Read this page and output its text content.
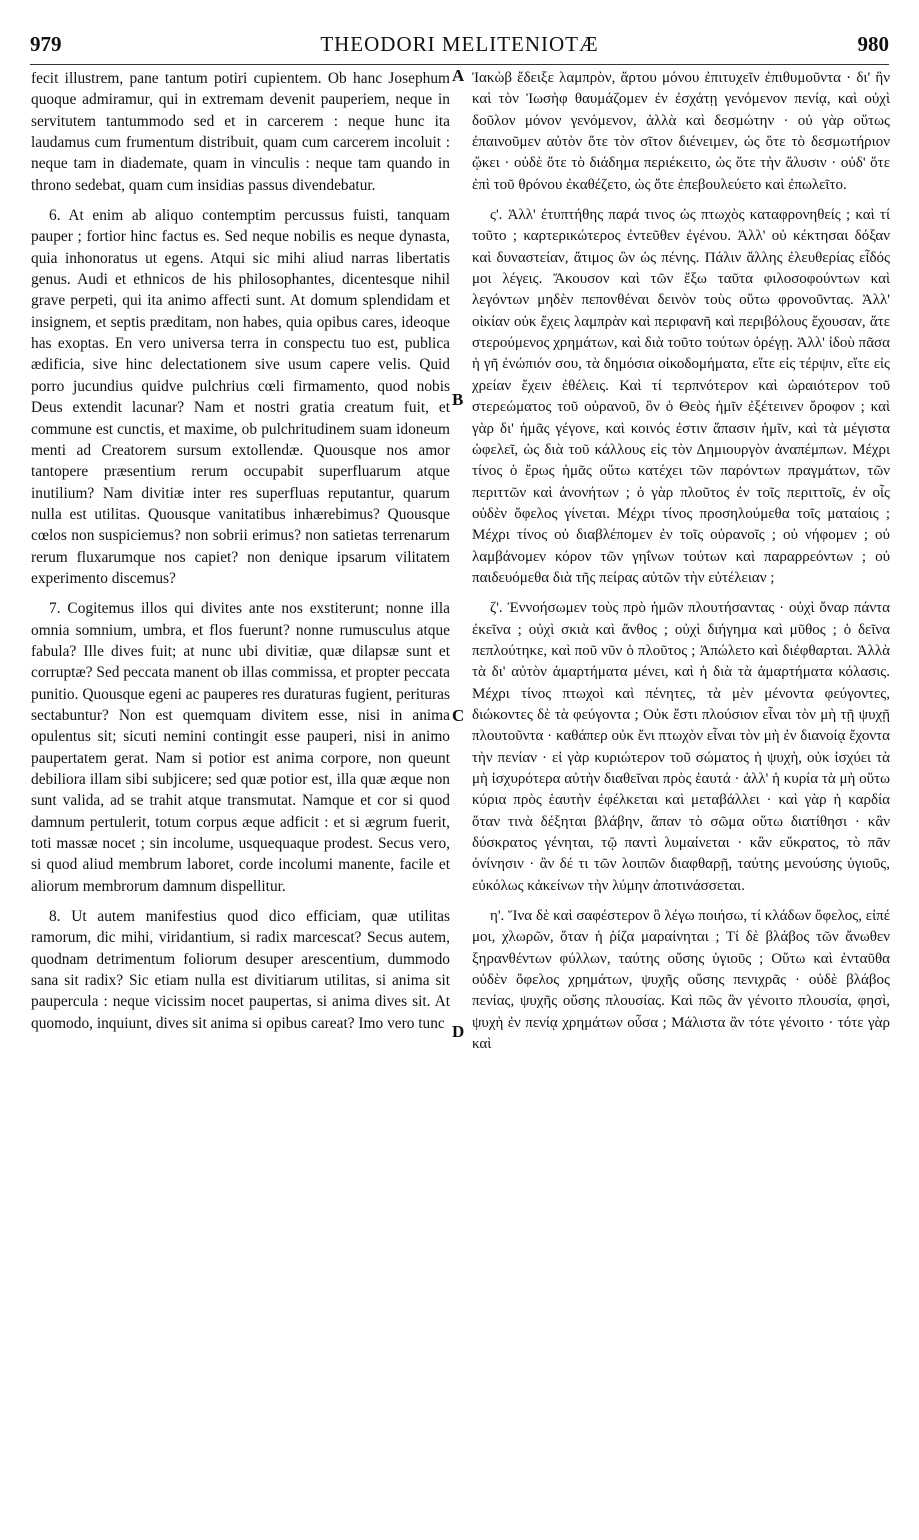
979	THEODORI MELITENIOTÆ	980

fecit illustrem, pane tantum potiri cupientem. Ob hanc Josephum quoque admiramur, qui in extremam devenit pauperiem, neque in servitutem tantummodo sed et in carcerem : neque hunc ita laudamus cum frumentum distribuit, quam cum carcerem incoluit : neque tam in diademate, quam in vinculis : neque tam quando in throno sedebat, quam cum insidias passus divendebatur.

6. At enim ab aliquo contemptim percussus fuisti, tanquam pauper ; fortior hinc factus es. Sed neque nobilis es neque dynasta, quia inhonoratus ut egens. Atqui sic mihi aliud narras libertatis genus. Audi et ethnicos de his philosophantes, dicentesque nihil grave perpeti, qui ita animo affecti sunt. At domum splendidam et insignem, et septis præditam, non habes, quia opibus cares, ideoque has exoptas. En vero universa terra in conspectu tuo est, publica ædificia, sive hinc delectationem sive usum capere velis. Quid porro jucundius quidve pulchrius cœli firmamento, quod nobis Deus extendit lacunar? Nam et nostri gratia creatum fuit, et commune est cunctis, et maxime, ob pulchritudinem suam idoneum menti ad Creatorem sursum extollendæ. Quousque nos amor tantopere præsentium rerum occupabit superfluarum atque inutilium? Nam divitiæ inter res superfluas reputantur, quarum nulla est utilitas. Quousque vanitatibus inhærebimus? Quousque cœlos non suspiciemus? non sobrii erimus? non satietas terrenarum rerum fluxarumque nos capiet? non denique ipsarum vilitatem experimento discemus?

7. Cogitemus illos qui divites ante nos exstiterunt; nonne illa omnia somnium, umbra, et flos fuerunt? nonne rumusculus atque fabula? Ille dives fuit; at nunc ubi divitiæ, quæ dilapsæ sunt et corruptæ? Sed peccata manent ob illas commissa, et propter peccata punitio. Quousque egeni ac pauperes res duraturas fugient, perituras sectabuntur? Non est quemquam divitem esse, nisi in anima opulentus sit; sicuti nemini contingit esse pauperi, nisi in animo paupertatem gerat. Nam si potior est anima corpore, non queunt debiliora illam sibi subjicere; sed quæ potior est, illa quæ æque non sunt valida, ad se trahit atque transmutat. Namque et cor si quod damnum pertulerit, totum corpus æque adficit : et si ægrum fuerit, toti massæ nocet ; sin incolume, usquequaque prodest. Secus vero, si quod aliud membrum laboret, corde incolumi manente, facile et aliorum membrorum damnum dispellitur.

8. Ut autem manifestius quod dico efficiam, quæ utilitas ramorum, dic mihi, viridantium, si radix marcescat? Secus autem, quodnam detrimentum foliorum desuper arescentium, dummodo sana sit radix? Sic etiam nulla est divitiarum utilitas, si anima sit paupercula : neque vicissim nocet paupertas, si anima dives sit. At quomodo, inquiunt, dives sit anima si opibus careat? Imo vero tunc

Ἰακὼβ ἔδειξε λαμπρὸν, ἄρτου μόνου ἐπιτυχεῖν ἐπιθυμοῦντα · δι' ἣν καὶ τὸν Ἰωσὴφ θαυμάζομεν ἐν ἐσχάτῃ γενόμενον πενίᾳ, καὶ οὐχὶ δοῦλον μόνον γενόμενον, ἀλλὰ καὶ δεσμώτην · οὐ γὰρ οὕτως ἐπαινοῦμεν αὐτὸν ὅτε τὸν σῖτον διένειμεν, ὡς ὅτε τὸ δεσμωτήριον ᾤκει · οὐδὲ ὅτε τὸ διάδημα περιέκειτο, ὡς ὅτε τὴν ἅλυσιν · οὐδ' ὅτε ἐπὶ τοῦ θρόνου ἐκαθέζετο, ὡς ὅτε ἐπεβουλεύετο καὶ ἐπωλεῖτο.

ς'. Ἀλλ' ἐτυπτήθης παρά τινος ὡς πτωχὸς καταφρονηθείς ; καὶ τί τοῦτο ; καρτερικώτερος ἐντεῦθεν ἐγένου. Ἀλλ' οὐ κέκτησαι δόξαν καὶ δυναστείαν, ἄτιμος ὢν ὡς πένης. Πάλιν ἄλλης ἐλευθερίας εἶδός μοι λέγεις. Ἄκουσον καὶ τῶν ἔξω ταῦτα φιλοσοφούντων καὶ λεγόντων μηδὲν πεπονθέναι δεινὸν τοὺς οὕτω φρονοῦντας. Ἀλλ' οἰκίαν οὐκ ἔχεις λαμπρὰν καὶ περιφανῆ καὶ περιβόλους ἔχουσαν, ἅτε στερούμενος χρημάτων, καὶ διὰ τοῦτο τούτων ὀρέγῃ. Ἀλλ' ἰδοὺ πᾶσα ἡ γῆ ἐνώπιόν σου, τὰ δημόσια οἰκοδομήματα, εἴτε εἰς τέρψιν, εἴτε εἰς χρείαν ἔχειν ἐθέλεις. Καὶ τί τερπνότερον καὶ ὡραιότερον τοῦ στερεώματος τοῦ οὐρανοῦ, ὃν ὁ Θεὸς ἡμῖν ἐξέτεινεν ὄροφον ; καὶ γὰρ δι' ἡμᾶς γέγονε, καὶ κοινός ἐστιν ἅπασιν ἡμῖν, καὶ τὰ μέγιστα ὠφελεῖ, ὡς διὰ τοῦ κάλλους εἰς τὸν Δημιουργὸν ἀναπέμπων. Μέχρι τίνος ὁ ἔρως ἡμᾶς οὕτω κατέχει τῶν παρόντων πραγμάτων, τῶν περιττῶν καὶ ἀνονήτων ; ὁ γὰρ πλοῦτος ἐν τοῖς περιττοῖς, ἐν οἷς οὐδὲν ὄφελος γίνεται. Μέχρι τίνος προσηλούμεθα τοῖς ματαίοις ; Μέχρι τίνος οὐ διαβλέπομεν ἐν τοῖς οὐρανοῖς ; οὐ νήφομεν ; οὐ λαμβάνομεν κόρον τῶν γηΐνων τούτων καὶ παραρρεόντων ; οὐ παιδευόμεθα διὰ τῆς πείρας αὐτῶν τὴν εὐτέλειαν ;

ζ'. Ἐννοήσωμεν τοὺς πρὸ ἡμῶν πλουτήσαντας · οὐχὶ ὄναρ πάντα ἐκεῖνα ; οὐχὶ σκιὰ καὶ ἄνθος ; οὐχὶ διήγημα καὶ μῦθος ; ὁ δεῖνα πεπλούτηκε, καὶ ποῦ νῦν ὁ πλοῦτος ; Ἀπώλετο καὶ διέφθαρται. Ἀλλὰ τὰ δι' αὐτὸν ἁμαρτήματα μένει, καὶ ἡ διὰ τὰ ἁμαρτήματα κόλασις. Μέχρι τίνος πτωχοὶ καὶ πένητες, τὰ μὲν μένοντα φεύγοντες, διώκοντες δὲ τὰ φεύγοντα ; Οὐκ ἔστι πλούσιον εἶναι τὸν μὴ τῇ ψυχῇ πλουτοῦντα · καθάπερ οὐκ ἔνι πτωχὸν εἶναι τὸν μὴ ἐν διανοίᾳ ἔχοντα τὴν πενίαν · εἰ γὰρ κυριώτερον τοῦ σώματος ἡ ψυχὴ, οὐκ ἰσχύει τὰ μὴ ἰσχυρότερα αὐτὴν διαθεῖναι πρὸς ἑαυτά · ἀλλ' ἡ κυρία τὰ μὴ οὕτω κύρια πρὸς ἑαυτὴν ἐφέλκεται καὶ μεταβάλλει · καὶ γὰρ ἡ καρδία ὅταν τινὰ δέξηται βλάβην, ἅπαν τὸ σῶμα οὕτω διατίθησι · κἂν δύσκρατος γένηται, τῷ παντὶ λυμαίνεται · κἂν εὔκρατος, τὸ πᾶν ὀνίνησιν · ἂν δέ τι τῶν λοιπῶν διαφθαρῇ, ταύτης μενούσης ὑγιοῦς, εὐκόλως κἀκείνων τὴν λύμην ἀποτινάσσεται.

η'. Ἵνα δὲ καὶ σαφέστερον ὃ λέγω ποιήσω, τί κλάδων ὄφελος, εἰπέ μοι, χλωρῶν, ὅταν ἡ ῥίζα μαραίνηται ; Τί δὲ βλάβος τῶν ἄνωθεν ξηρανθέντων φύλλων, ταύτης οὔσης ὑγιοῦς ; Οὕτω καὶ ἐνταῦθα οὐδὲν ὄφελος χρημάτων, ψυχῆς οὔσης πενιχρᾶς · οὐδὲ βλάβος πενίας, ψυχῆς οὔσης πλουσίας. Καὶ πῶς ἂν γένοιτο πλουσία, φησὶ, ψυχὴ ἐν πενίᾳ χρημάτων οὖσα ; Μάλιστα ἂν τότε γένοιτο · τότε γὰρ καὶ

A
B
C
D
